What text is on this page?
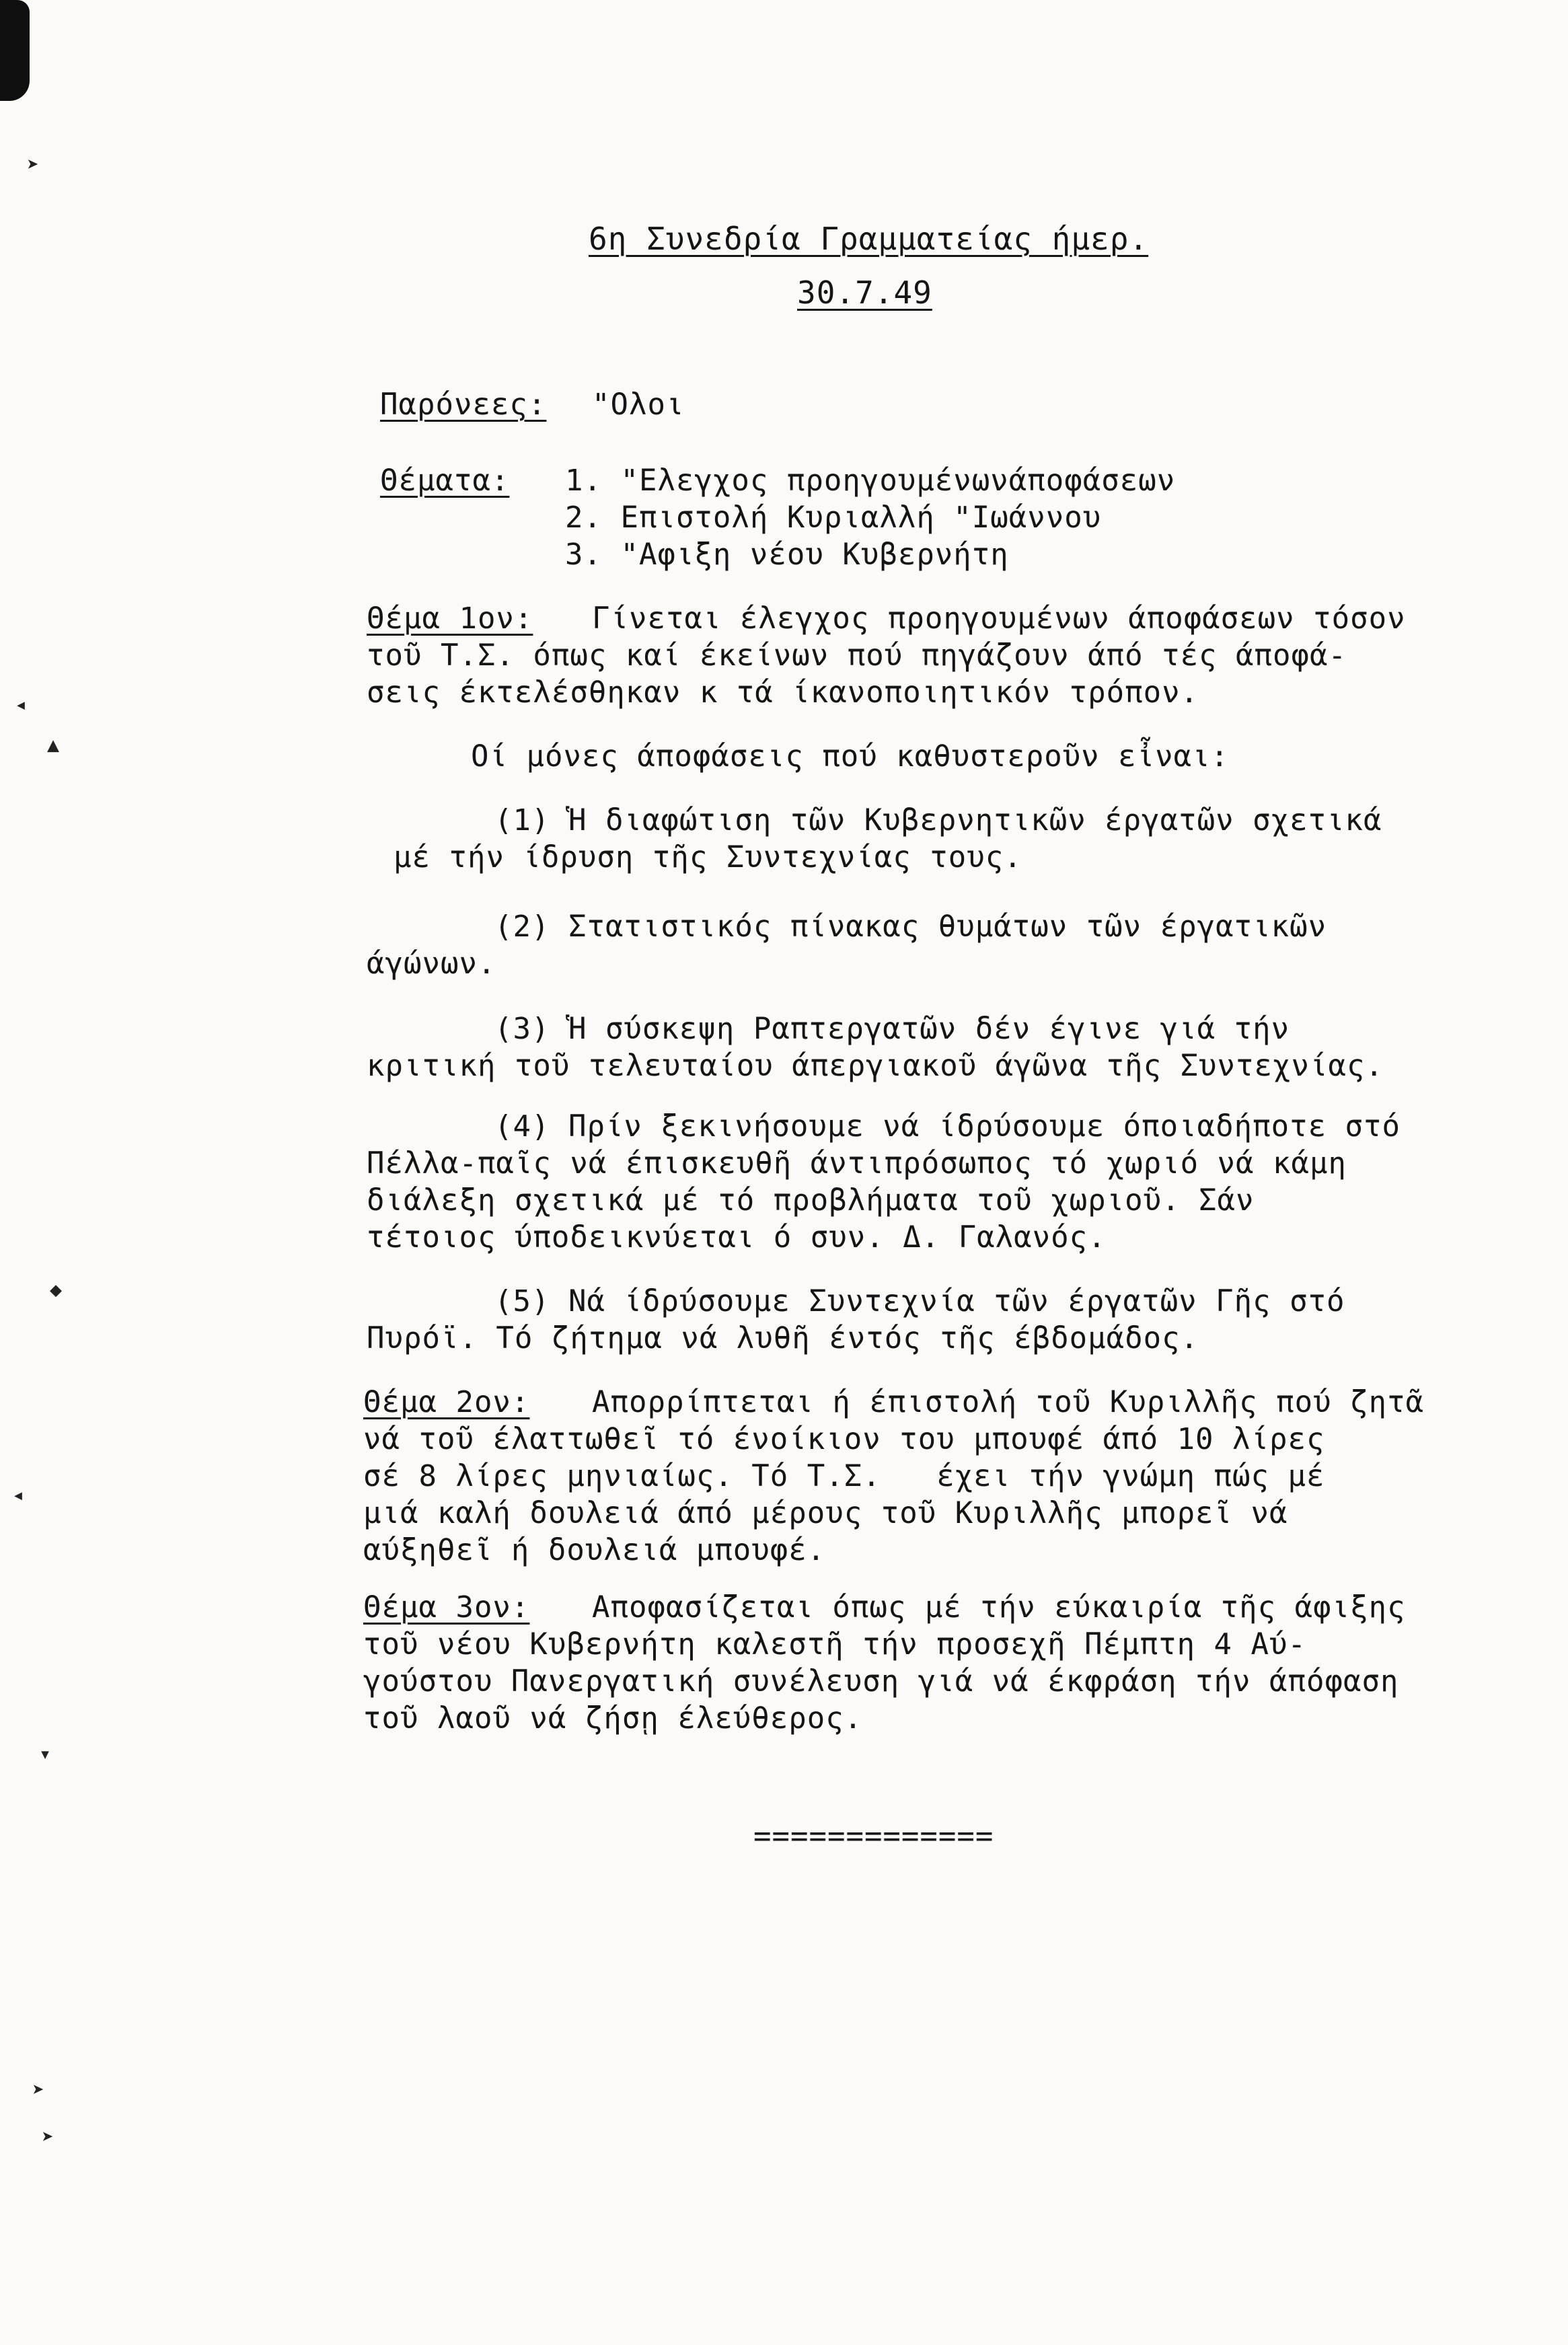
➤
◂
▲
◆
◂
▾
➤
➤
6η Συνεδρία Γραμματείας ήμερ.
30.7.49
Παρόνεες: "Ολοι
Θέματα: 1. "Ελεγχος προηγουμένωνάποφάσεων
2. Επιστολή Κυριαλλή "Ιωάννου
3. "Αφιξη νέου Κυβερνήτη
Θέμα 1ον: Γίνεται έλεγχος προηγουμένων άποφάσεων τόσον
τοῦ Τ.Σ. όπως καί έκείνων πού πηγάζουν άπό τές άποφά-
σεις έκτελέσθηκαν κ τά ίκανοποιητικόν τρόπον.
Οί μόνες άποφάσεις πού καθυστεροῦν εἶναι:
(1) Ἡ διαφώτιση τῶν Κυβερνητικῶν έργατῶν σχετικά
μέ τήν ίδρυση τῆς Συντεχνίας τους.
(2) Στατιστικός πίνακας θυμάτων τῶν έργατικῶν
άγώνων.
(3) Ἡ σύσκεψη Ραπτεργατῶν δέν έγινε γιά τήν
κριτική τοῦ τελευταίου άπεργιακοῦ άγῶνα τῆς Συντεχνίας.
(4) Πρίν ξεκινήσουμε νά ίδρύσουμε όποιαδήποτε στό
Πέλλα-παῖς νά έπισκευθῆ άντιπρόσωπος τό χωριό νά κάμη
διάλεξη σχετικά μέ τό προβλήματα τοῦ χωριοῦ. Σάν
τέτοιος ύποδεικνύεται ό συν. Δ. Γαλανός.
(5) Νά ίδρύσουμε Συντεχνία τῶν έργατῶν Γῆς στό
Πυρόϊ. Τό ζήτημα νά λυθῆ έντός τῆς έβδομάδος.
Θέμα 2ον: Απορρίπτεται ή έπιστολή τοῦ Κυριλλῆς πού ζητᾶ
νά τοῦ έλαττωθεῖ τό ένοίκιον του μπουφέ άπό 10 λίρες
σέ 8 λίρες μηνιαίως. Τό Τ.Σ.   έχει τήν γνώμη πώς μέ
μιά καλή δουλειά άπό μέρους τοῦ Κυριλλῆς μπορεῖ νά
αύξηθεῖ ή δουλειά μπουφέ.
Θέμα 3ον: Αποφασίζεται όπως μέ τήν εύκαιρία τῆς άφιξης
τοῦ νέου Κυβερνήτη καλεστῆ τήν προσεχῆ Πέμπτη 4 Αύ-
γούστου Πανεργατική συνέλευση γιά νά έκφράση τήν άπόφαση
τοῦ λαοῦ νά ζήσῃ έλεύθερος.
=============
